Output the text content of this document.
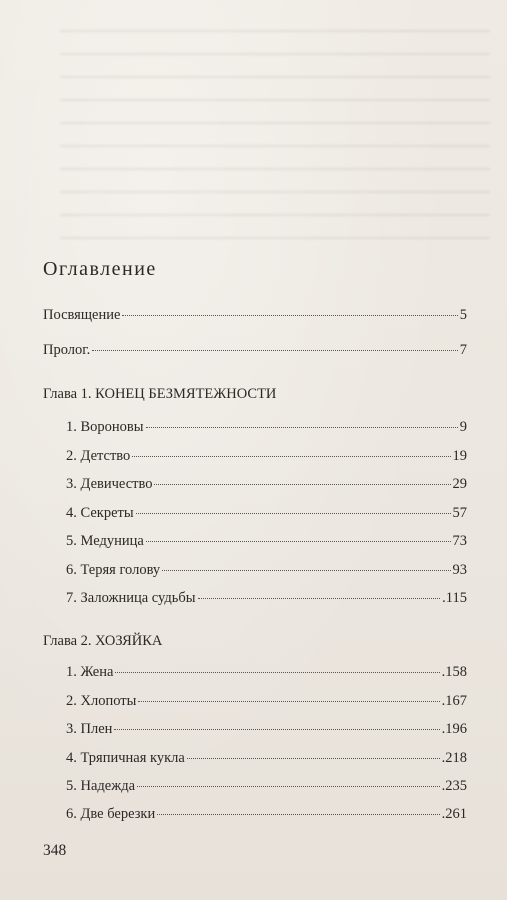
Оглавление
Посвящение	5
Пролог.	7
Глава 1. КОНЕЦ БЕЗМЯТЕЖНОСТИ
1. Вороновы	9
2. Детство	19
3. Девичество	29
4. Секреты	57
5. Медуница	73
6. Теряя голову	93
7. Заложница судьбы	.115
Глава 2. ХОЗЯЙКА
1. Жена	.158
2. Хлопоты	.167
3. Плен	.196
4. Тряпичная кукла	.218
5. Надежда	.235
6. Две березки	.261
348
